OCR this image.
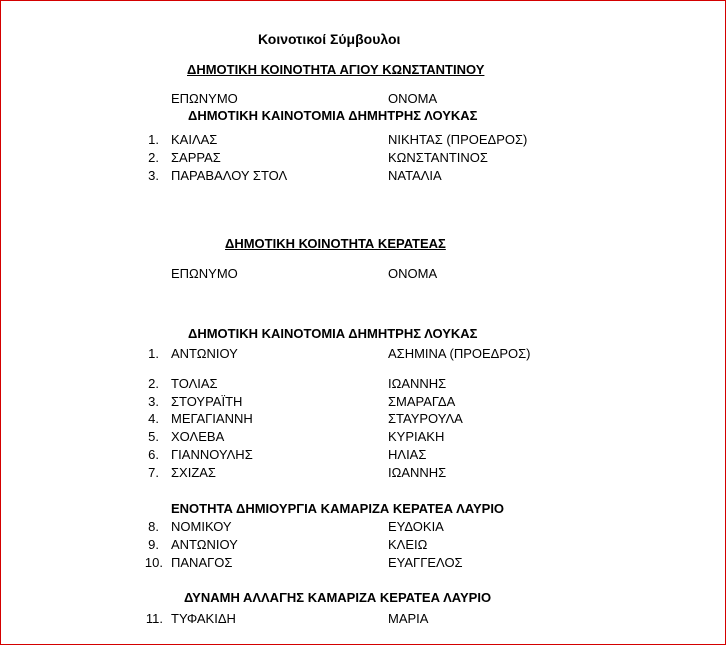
Κοινοτικοί Σύμβουλοι
ΔΗΜΟΤΙΚΗ ΚΟΙΝΟΤΗΤΑ ΑΓΙΟΥ ΚΩΝΣΤΑΝΤΙΝΟΥ
ΕΠΩΝΥΜΟ	ΟΝΟΜΑ
ΔΗΜΟΤΙΚΗ ΚΑΙΝΟΤΟΜΙΑ ΔΗΜΗΤΡΗΣ ΛΟΥΚΑΣ
1. ΚΑΙΛΑΣ	ΝΙΚΗΤΑΣ (ΠΡΟΕΔΡΟΣ)
2. ΣΑΡΡΑΣ	ΚΩΝΣΤΑΝΤΙΝΟΣ
3. ΠΑΡΑΒΑΛΟΥ ΣΤΟΛ	ΝΑΤΑΛΙΑ
ΔΗΜΟΤΙΚΗ ΚΟΙΝΟΤΗΤΑ ΚΕΡΑΤΕΑΣ
ΕΠΩΝΥΜΟ	ΟΝΟΜΑ
ΔΗΜΟΤΙΚΗ ΚΑΙΝΟΤΟΜΙΑ ΔΗΜΗΤΡΗΣ ΛΟΥΚΑΣ
1. ΑΝΤΩΝΙΟΥ	ΑΣΗΜΙΝΑ (ΠΡΟΕΔΡΟΣ)
2. ΤΟΛΙΑΣ	ΙΩΑΝΝΗΣ
3. ΣΤΟΥΡΑΪΤΗ	ΣΜΑΡΑΓΔΑ
4. ΜΕΓΑΓΙΑΝΝΗ	ΣΤΑΥΡΟΥΛΑ
5. ΧΟΛΕΒΑ	ΚΥΡΙΑΚΗ
6. ΓΙΑΝΝΟΥΛΗΣ	ΗΛΙΑΣ
7. ΣΧΙΖΑΣ	ΙΩΑΝΝΗΣ
ΕΝΟΤΗΤΑ ΔΗΜΙΟΥΡΓΙΑ ΚΑΜΑΡΙΖΑ ΚΕΡΑΤΕΑ ΛΑΥΡΙΟ
8. ΝΟΜΙΚΟΥ	ΕΥΔΟΚΙΑ
9. ΑΝΤΩΝΙΟΥ	ΚΛΕΙΩ
10. ΠΑΝΑΓΟΣ	ΕΥΑΓΓΕΛΟΣ
ΔΥΝΑΜΗ ΑΛΛΑΓΗΣ ΚΑΜΑΡΙΖΑ ΚΕΡΑΤΕΑ ΛΑΥΡΙΟ
11. ΤΥΦΑΚΙΔΗ	ΜΑΡΙΑ
